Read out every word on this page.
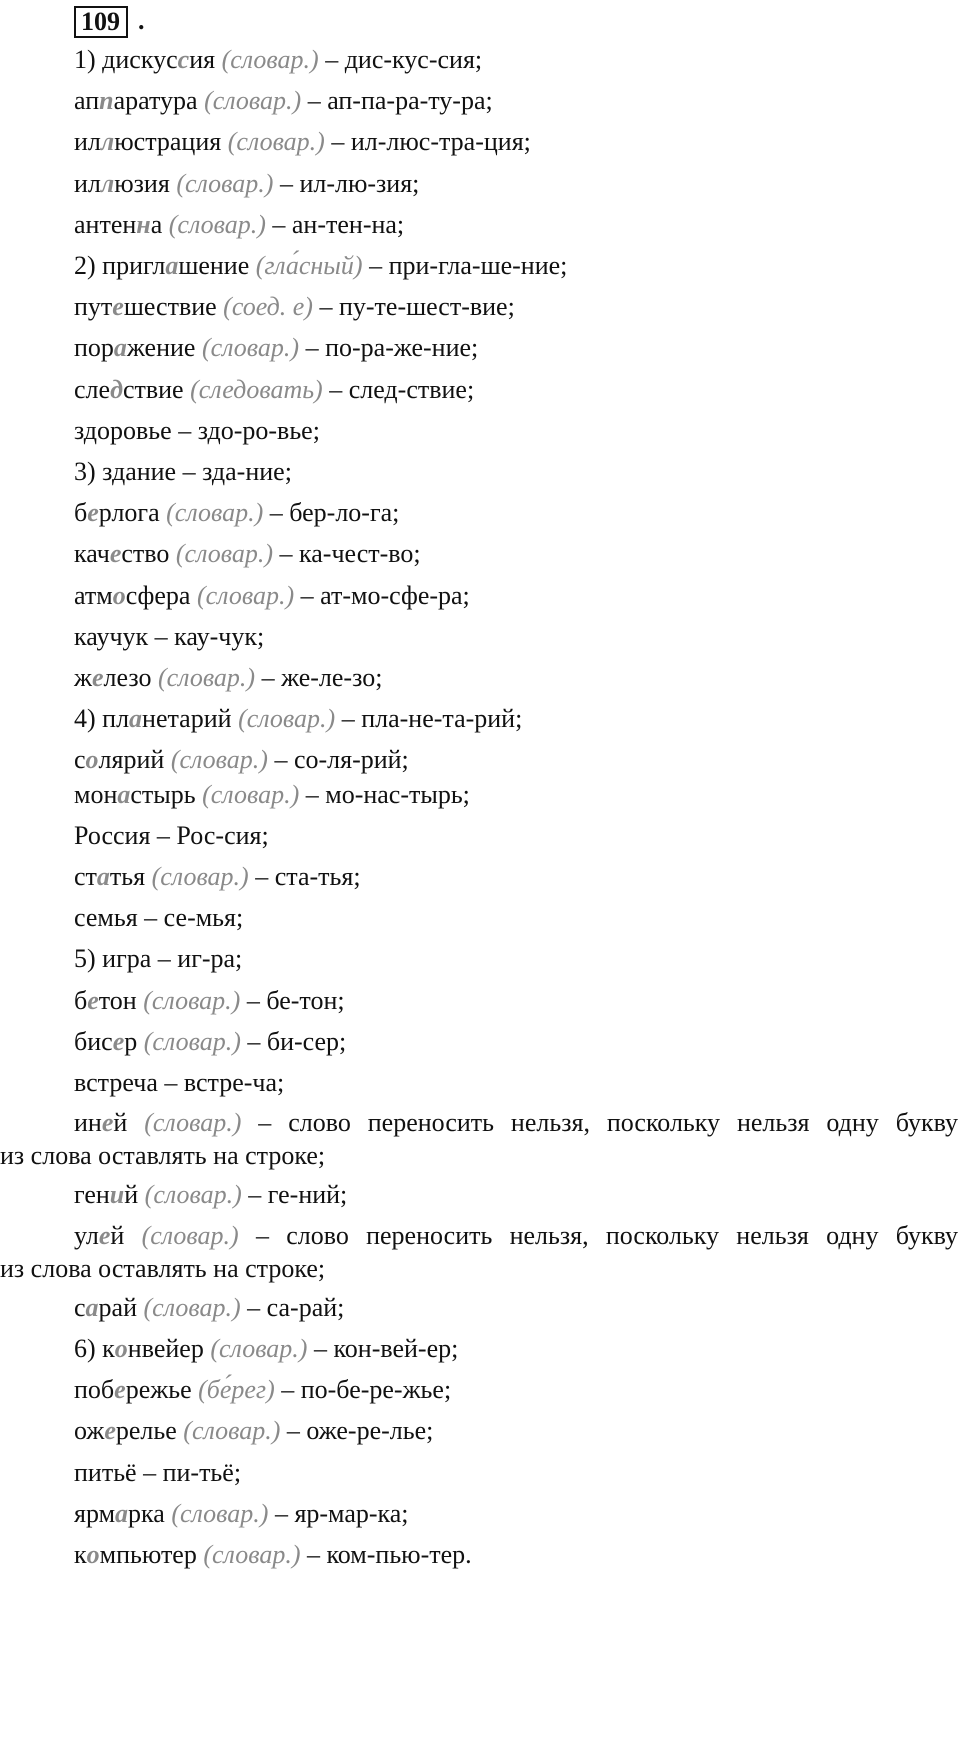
109 .
1) дискуссия (словар.) – дис-кус-сия;
аппаратура (словар.) – ап-па-ра-ту-ра;
иллюстрация (словар.) – ил-люс-тра-ция;
иллюзия (словар.) – ил-лю-зия;
антенна (словар.) – ан-тен-на;
2) приглашение (гла́сный) – при-гла-ше-ние;
путешествие (соед. е) – пу-те-шест-вие;
поражение (словар.) – по-ра-же-ние;
следствие (следовать) – след-ствие;
здоровье – здо-ро-вье;
3) здание – зда-ние;
берлога (словар.) – бер-ло-га;
качество (словар.) – ка-чест-во;
атмосфера (словар.) – ат-мо-сфе-ра;
каучук – кау-чук;
железо (словар.) – же-ле-зо;
4) планетарий (словар.) – пла-не-та-рий;
солярий (словар.) – со-ля-рий;
монастырь (словар.) – мо-нас-тырь;
Россия – Рос-сия;
статья (словар.) – ста-тья;
семья – се-мья;
5) игра – иг-ра;
бетон (словар.) – бе-тон;
бисер (словар.) – би-сер;
встреча – встре-ча;
иней (словар.) – слово переносить нельзя, поскольку нельзя одну букву
из слова оставлять на строке;
гений (словар.) – ге-ний;
улей (словар.) – слово переносить нельзя, поскольку нельзя одну букву
из слова оставлять на строке;
сарай (словар.) – са-рай;
6) конвейер (словар.) – кон-вей-ер;
побережье (бе́рег) – по-бе-ре-жье;
ожерелье (словар.) – оже-ре-лье;
питьё – пи-тьё;
ярмарка (словар.) – яр-мар-ка;
компьютер (словар.) – ком-пью-тер.
